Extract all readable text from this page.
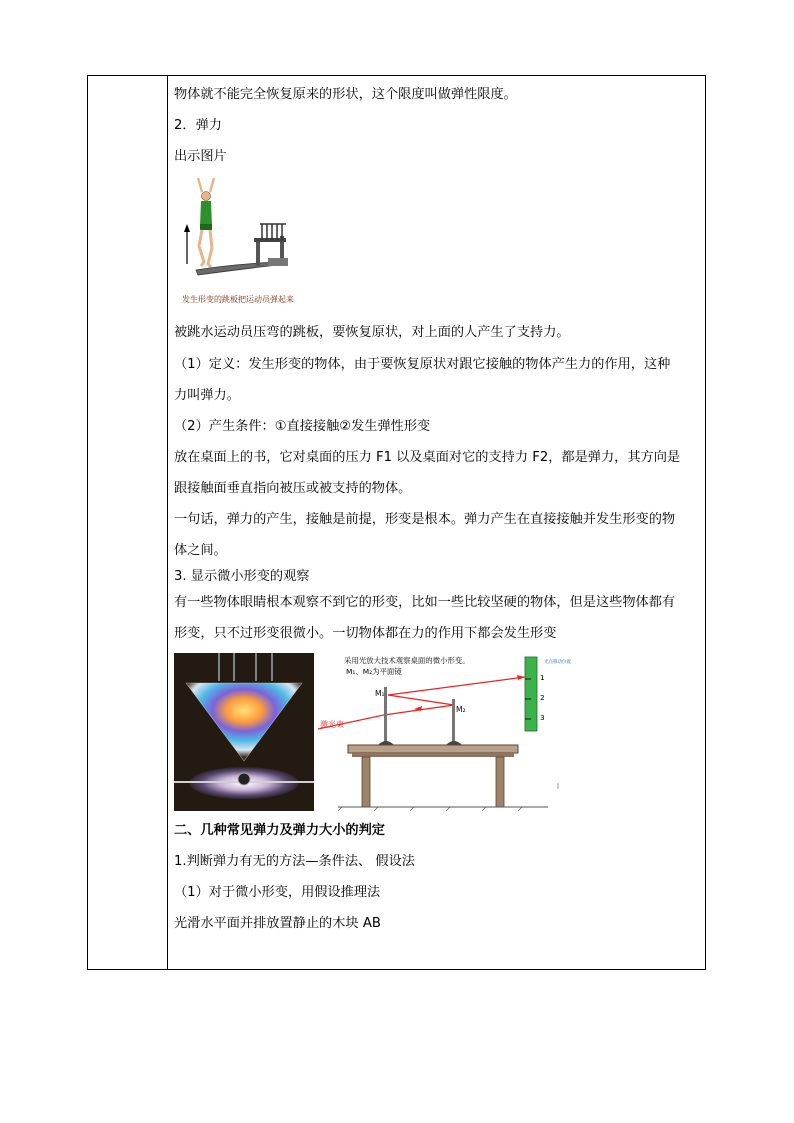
物体就不能完全恢复原来的形状，这个限度叫做弹性限度。
2．弹力
出示图片
发生形变的跳板把运动员弹起来
被跳水运动员压弯的跳板，要恢复原状，对上面的人产生了支持力。
（1）定义：发生形变的物体，由于要恢复原状对跟它接触的物体产生力的作用，这种
力叫弹力。
（2）产生条件：①直接接触②发生弹性形变
放在桌面上的书，它对桌面的压力 F1 以及桌面对它的支持力 F2，都是弹力，其方向是
跟接触面垂直指向被压或被支持的物体。
一句话，弹力的产生，接触是前提，形变是根本。弹力产生在直接接触并发生形变的物
体之间。
3. 显示微小形变的观察
有一些物体眼睛根本观察不到它的形变，比如一些比较坚硬的物体，但是这些物体都有
形变，只不过形变很微小。一切物体都在力的作用下都会发生形变
采用光放大技术观察桌面的微小形变。
M₁、M₂为平面镜
M₁
M₂
激光束
1
2
3
光点移动位置
二、几种常见弹力及弹力大小的判定
1.判断弹力有无的方法—条件法、 假设法
（1）对于微小形变，用假设推理法
光滑水平面并排放置静止的木块 AB
